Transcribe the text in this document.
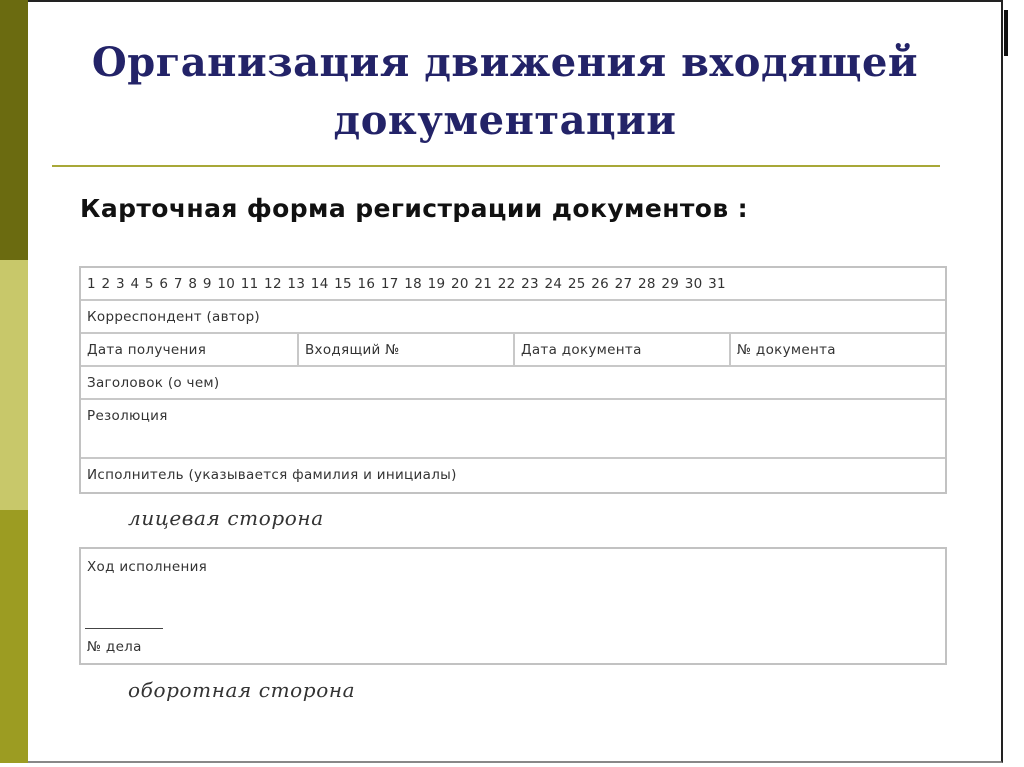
Организация движения входящей
документации
Карточная форма регистрации документов :
1 2 3 4 5 6 7 8 9 10 11 12 13 14 15 16 17 18 19 20 21 22 23 24 25 26 27 28 29 30 31
Корреспондент (автор)
Дата получения	Входящий №	Дата документа	№ документа
Заголовок (о чем)
Резолюция
Исполнитель (указывается фамилия и инициалы)

лицевая сторона

Ход исполнения
№ дела

оборотная сторона
